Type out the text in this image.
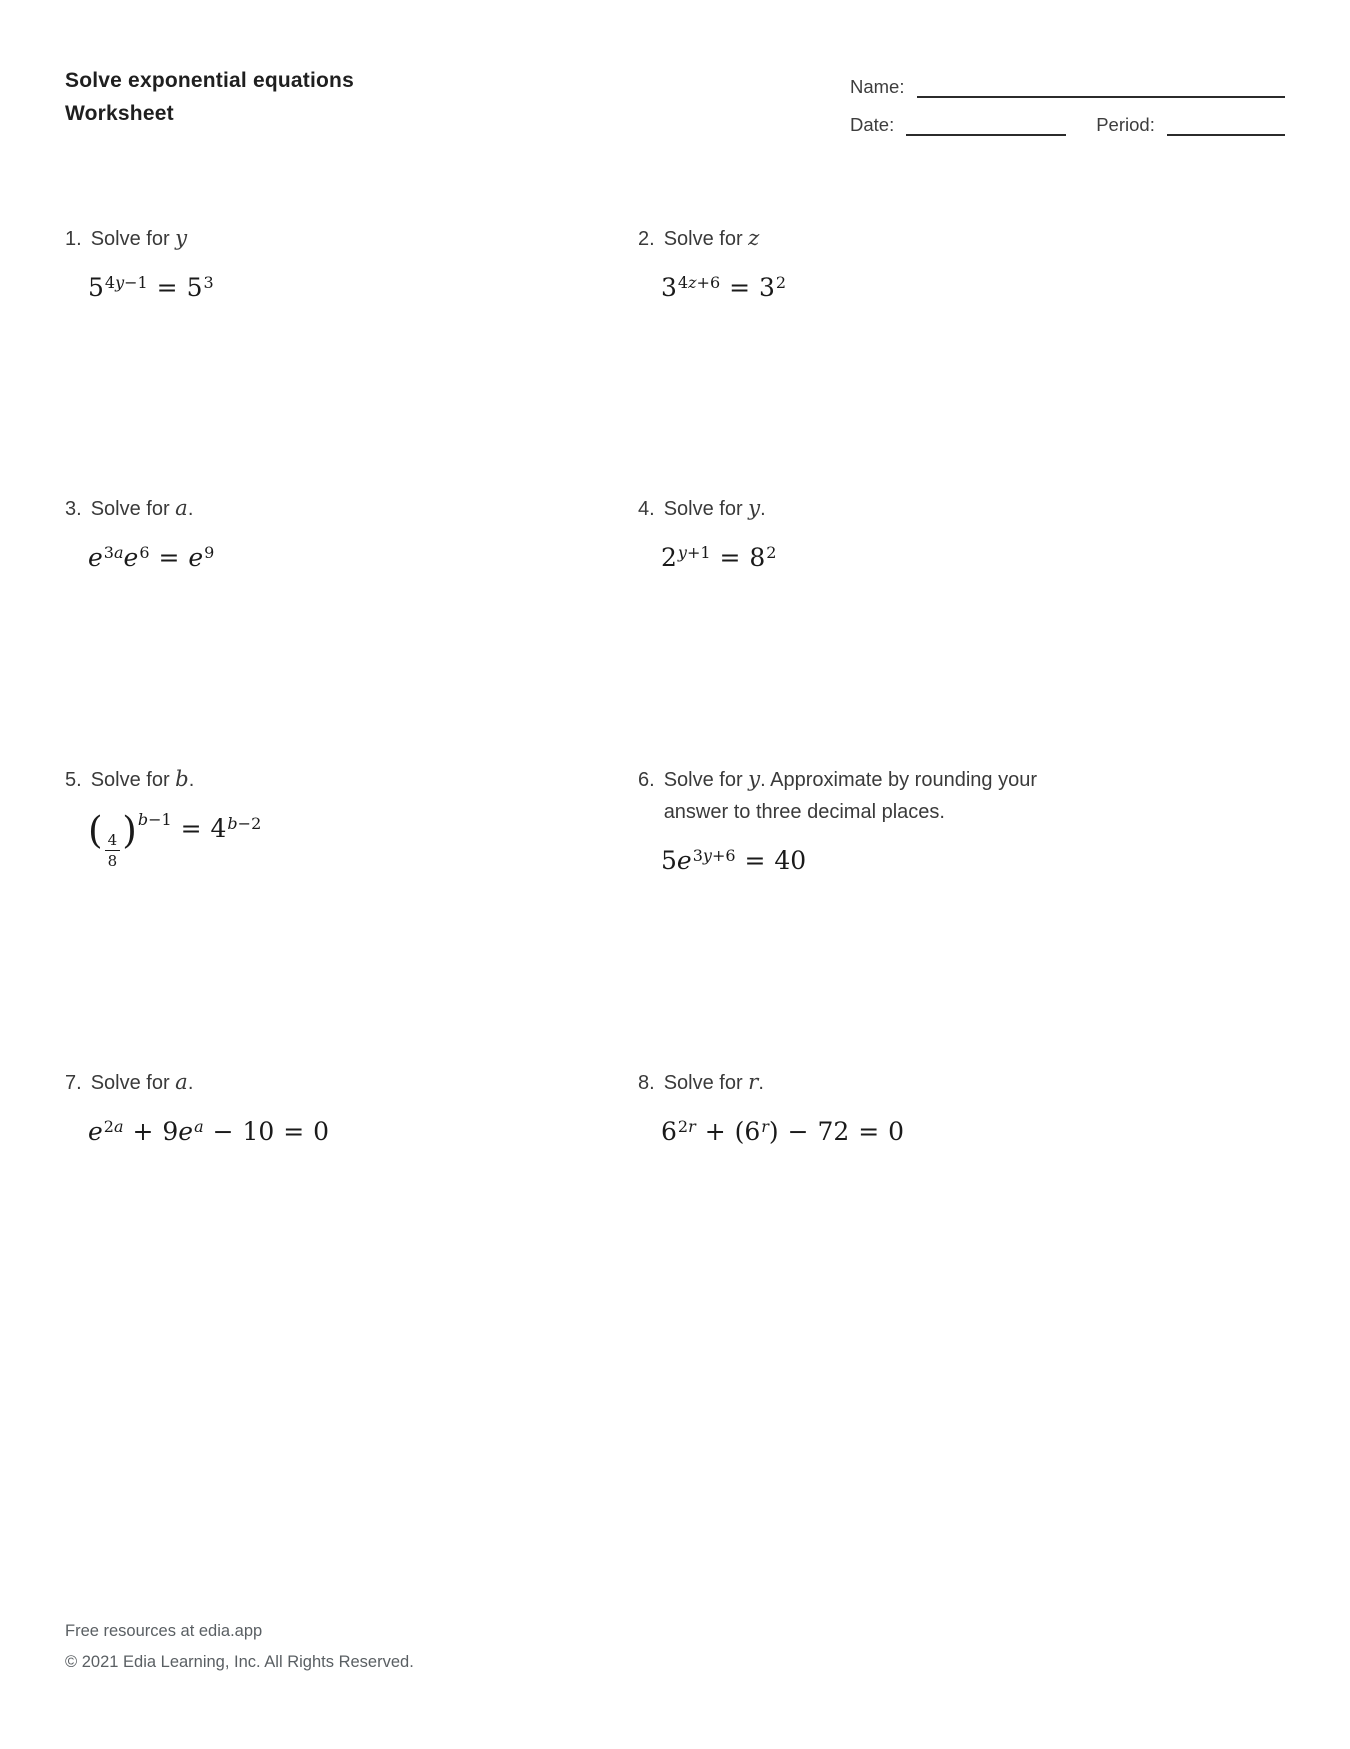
Solve exponential equations
Worksheet
Name:
Date:	Period:
1. Solve for y
$5^{4y-1} = 5^3$
2. Solve for z
$3^{4z+6} = 3^2$
3. Solve for a.
$e^{3a}e^6 = e^9$
4. Solve for y.
$2^{y+1} = 8^2$
5. Solve for b.
( $\frac{4}{8} )^{b-1} = 4^{b-2}$
6. Solve for y. Approximate by rounding your answer to three decimal places.
$5e^{3y+6} = 40$
7. Solve for a.
$e^{2a} + 9e^a - 10 = 0$
8. Solve for r.
$6^{2r} + (6^r) - 72 = 0$
Free resources at edia.app
© 2021 Edia Learning, Inc. All Rights Reserved.
